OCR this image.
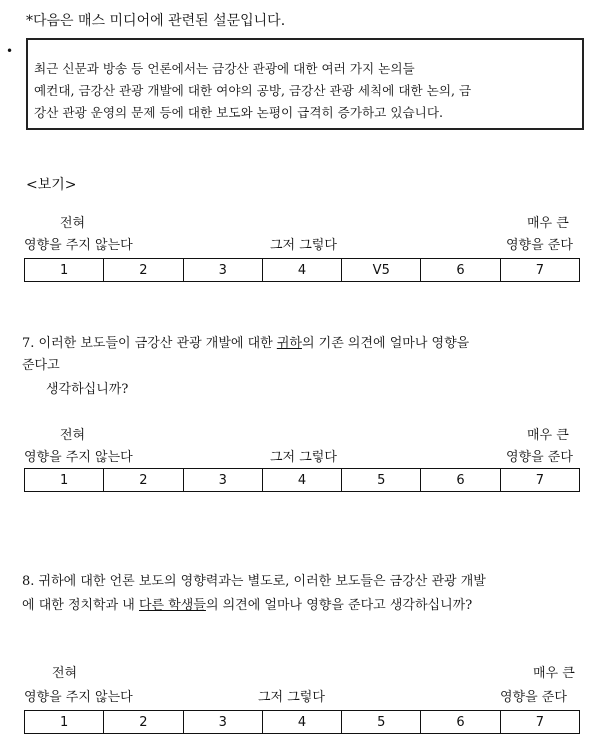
*다음은 매스 미디어에 관련된 설문입니다.
•

최근 신문과 방송 등 언론에서는 금강산 관광에 대한 여러 가지 논의들

예컨대, 금강산 관광 개발에 대한 여야의 공방, 금강산 관광 세칙에 대한 논의, 금

강산 관광 운영의 문제 등에 대한 보도와 논평이 급격히 증가하고 있습니다.

<보기>
전혀
영향을 주지 않는다	그저 그렇다
매우 큰
영향을 준다
1	2	3	4	V5	6	7
7. 이러한 보도들이 금강산 관광 개발에 대한 귀하의 기존 의견에 얼마나 영향을
준다고
생각하십니까?
전혀
영향을 주지 않는다	그저 그렇다
매우 큰
영향을 준다
1	2	3	4	5	6	7
8. 귀하에 대한 언론 보도의 영향력과는 별도로, 이러한 보도들은 금강산 관광 개발
에 대한 정치학과 내 다른 학생들의 의견에 얼마나 영향을 준다고 생각하십니까?
전혀
영향을 주지 않는다	그저 그렇다
매우 큰
영향을 준다
1	2	3	4	5	6	7
